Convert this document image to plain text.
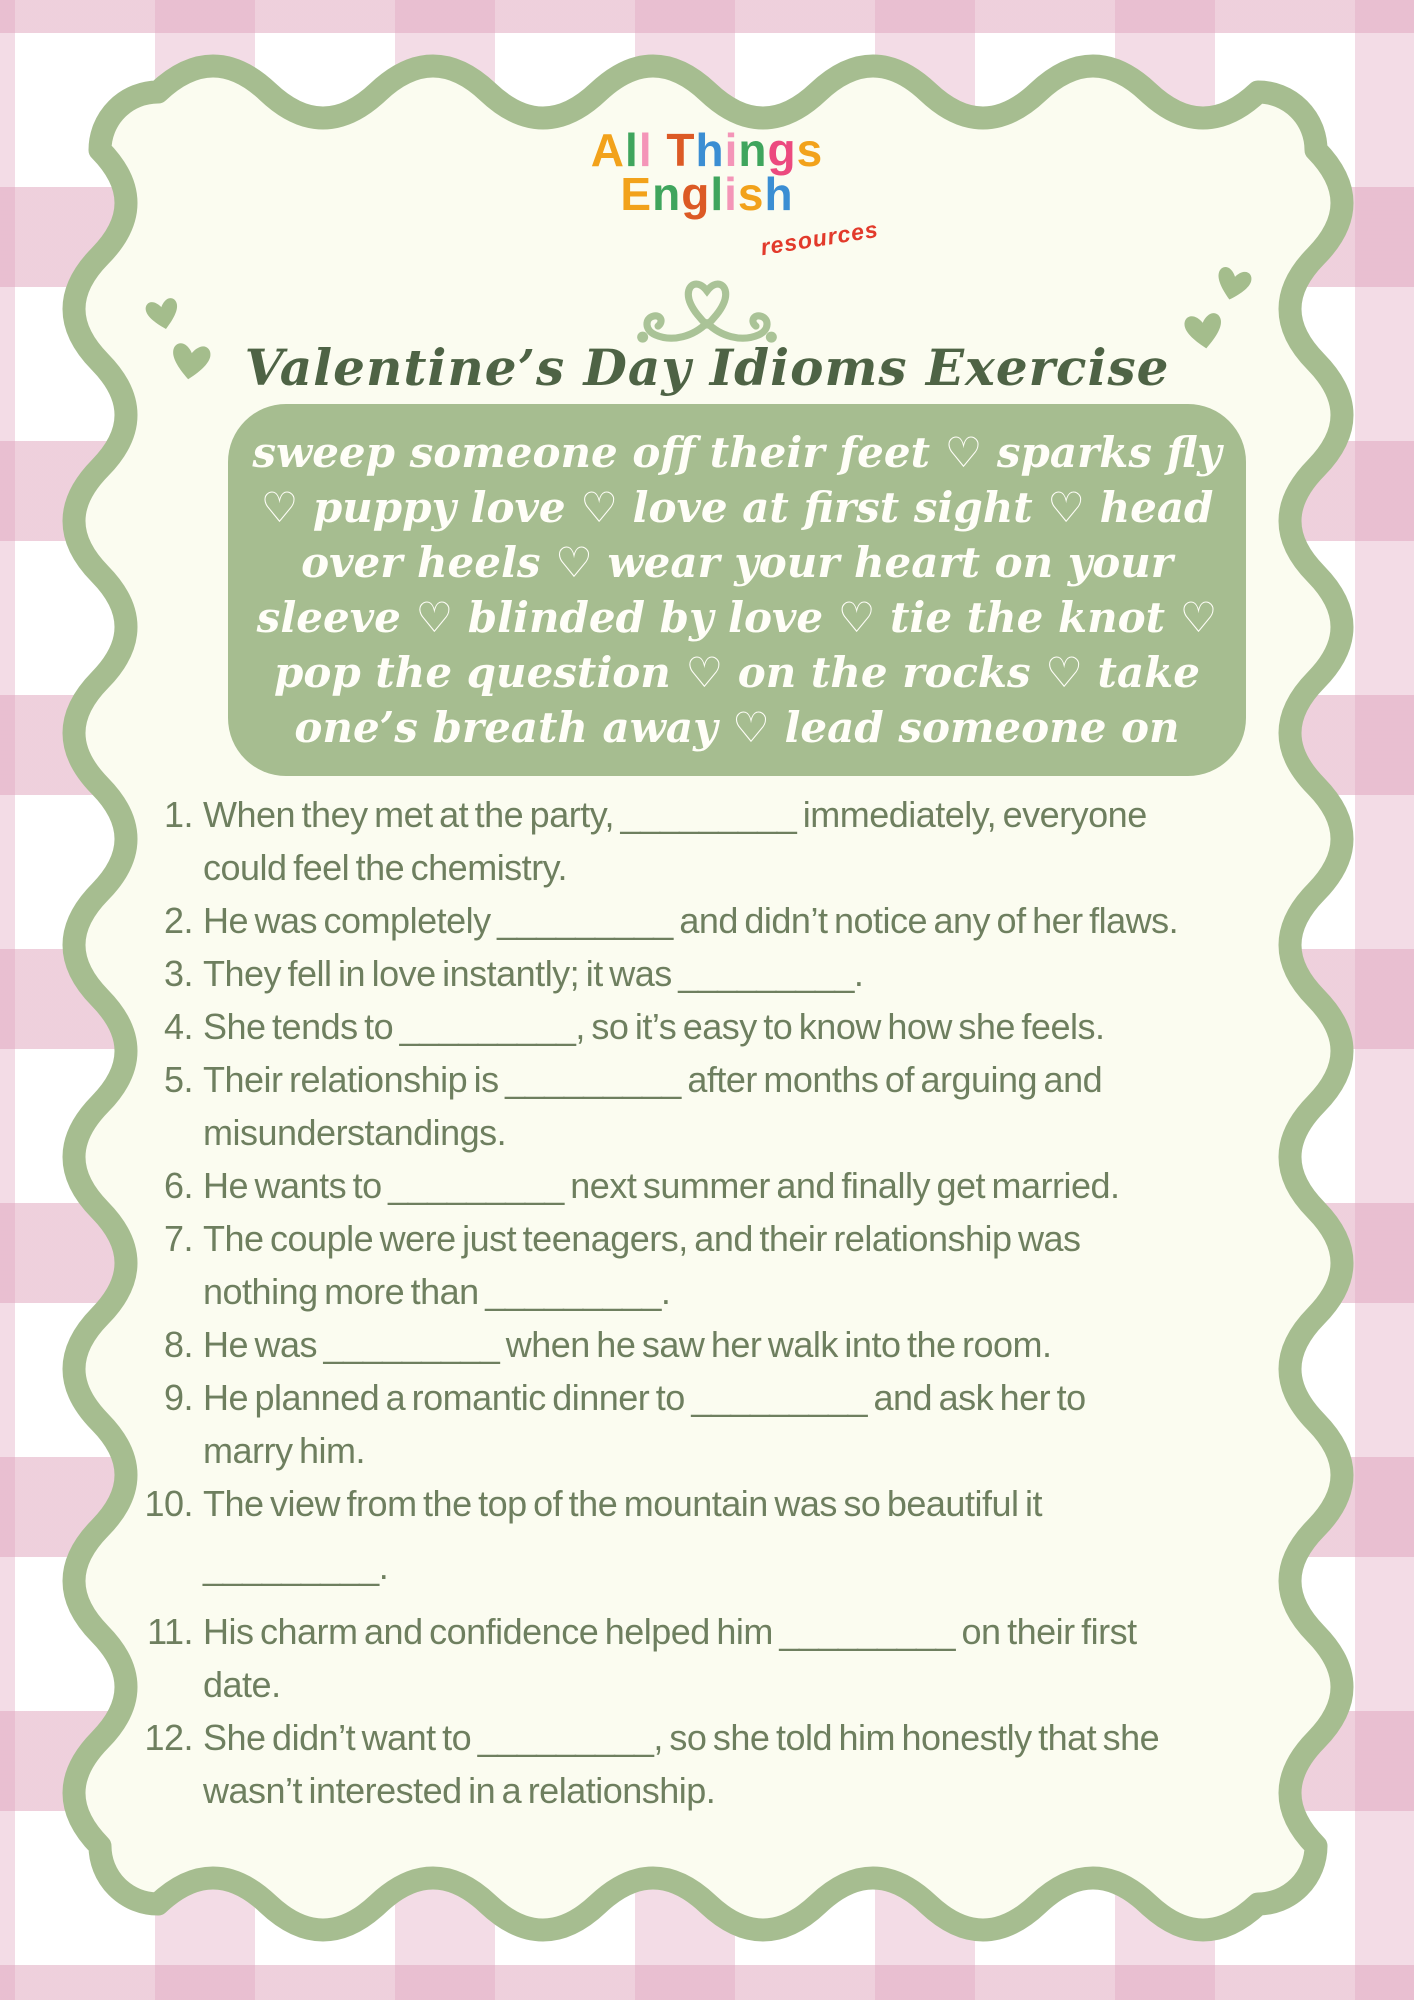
All Things
English
resources
Valentine’s Day Idioms Exercise
sweep someone off their feet ♡ sparks fly
♡ puppy love ♡ love at first sight ♡ head
over heels ♡ wear your heart on your
sleeve ♡ blinded by love ♡ tie the knot ♡
pop the question ♡ on the rocks ♡ take
one’s breath away ♡ lead someone on
1. When they met at the party, _________ immediately, everyone
could feel the chemistry.
2. He was completely _________ and didn’t notice any of her flaws.
3. They fell in love instantly; it was _________.
4. She tends to _________, so it’s easy to know how she feels.
5. Their relationship is _________ after months of arguing and
misunderstandings.
6. He wants to _________ next summer and finally get married.
7. The couple were just teenagers, and their relationship was
nothing more than _________.
8. He was _________ when he saw her walk into the room.
9. He planned a romantic dinner to _________ and ask her to
marry him.
10. The view from the top of the mountain was so beautiful it
_________.
11. His charm and confidence helped him _________ on their first
date.
12. She didn’t want to _________, so she told him honestly that she
wasn’t interested in a relationship.
